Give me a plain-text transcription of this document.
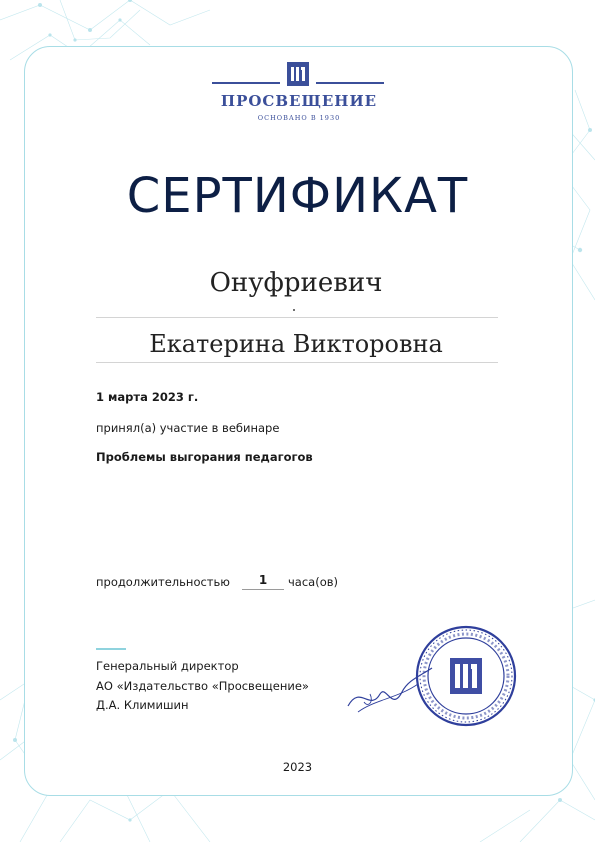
ПРОСВЕЩЕНИЕ
ОСНОВАНО В 1930
СЕРТИФИКАТ
Онуфриевич
Екатерина Викторовна
1 марта 2023 г.
принял(а) участие в вебинаре
Проблемы выгорания педагогов
продолжительностью	1	часа(ов)
Генеральный директор
АО «Издательство «Просвещение»
Д.А. Климишин
2023
